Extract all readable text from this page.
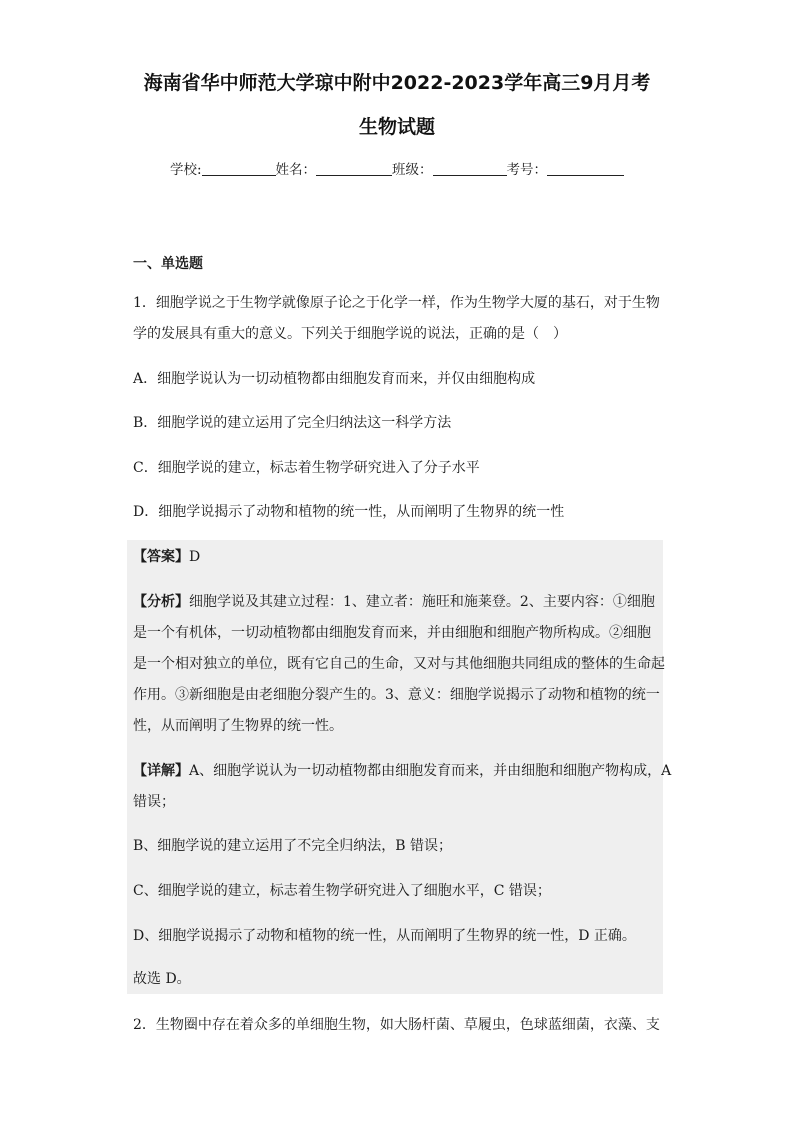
海南省华中师范大学琼中附中2022-2023学年高三9月月考
生物试题
学校:	姓名：	班级：	考号：
一、单选题
1．细胞学说之于生物学就像原子论之于化学一样，作为生物学大厦的基石，对于生物
学的发展具有重大的意义。下列关于细胞学说的说法，正确的是（　）
A．细胞学说认为一切动植物都由细胞发育而来，并仅由细胞构成
B．细胞学说的建立运用了完全归纳法这一科学方法
C．细胞学说的建立，标志着生物学研究进入了分子水平
D．细胞学说揭示了动物和植物的统一性，从而阐明了生物界的统一性
【答案】D
【分析】细胞学说及其建立过程：1、建立者：施旺和施莱登。2、主要内容：①细胞
是一个有机体，一切动植物都由细胞发育而来，并由细胞和细胞产物所构成。②细胞
是一个相对独立的单位，既有它自己的生命，又对与其他细胞共同组成的整体的生命起
作用。③新细胞是由老细胞分裂产生的。3、意义：细胞学说揭示了动物和植物的统一
性，从而阐明了生物界的统一性。
【详解】A、细胞学说认为一切动植物都由细胞发育而来，并由细胞和细胞产物构成，A
错误；
B、细胞学说的建立运用了不完全归纳法，B 错误；
C、细胞学说的建立，标志着生物学研究进入了细胞水平，C 错误；
D、细胞学说揭示了动物和植物的统一性，从而阐明了生物界的统一性，D 正确。
故选 D。
2．生物圈中存在着众多的单细胞生物，如大肠杆菌、草履虫，色球蓝细菌，衣藻、支
